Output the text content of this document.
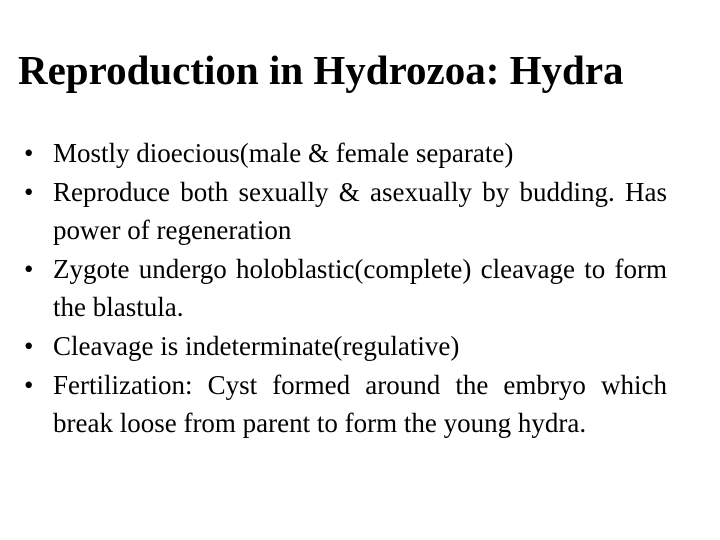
Reproduction in Hydrozoa: Hydra
• Mostly dioecious(male & female separate)
• Reproduce both sexually & asexually by budding. Has power of regeneration
• Zygote undergo holoblastic(complete) cleavage to form the blastula.
• Cleavage is indeterminate(regulative)
• Fertilization: Cyst formed around the embryo which break loose from parent to form the young hydra.
